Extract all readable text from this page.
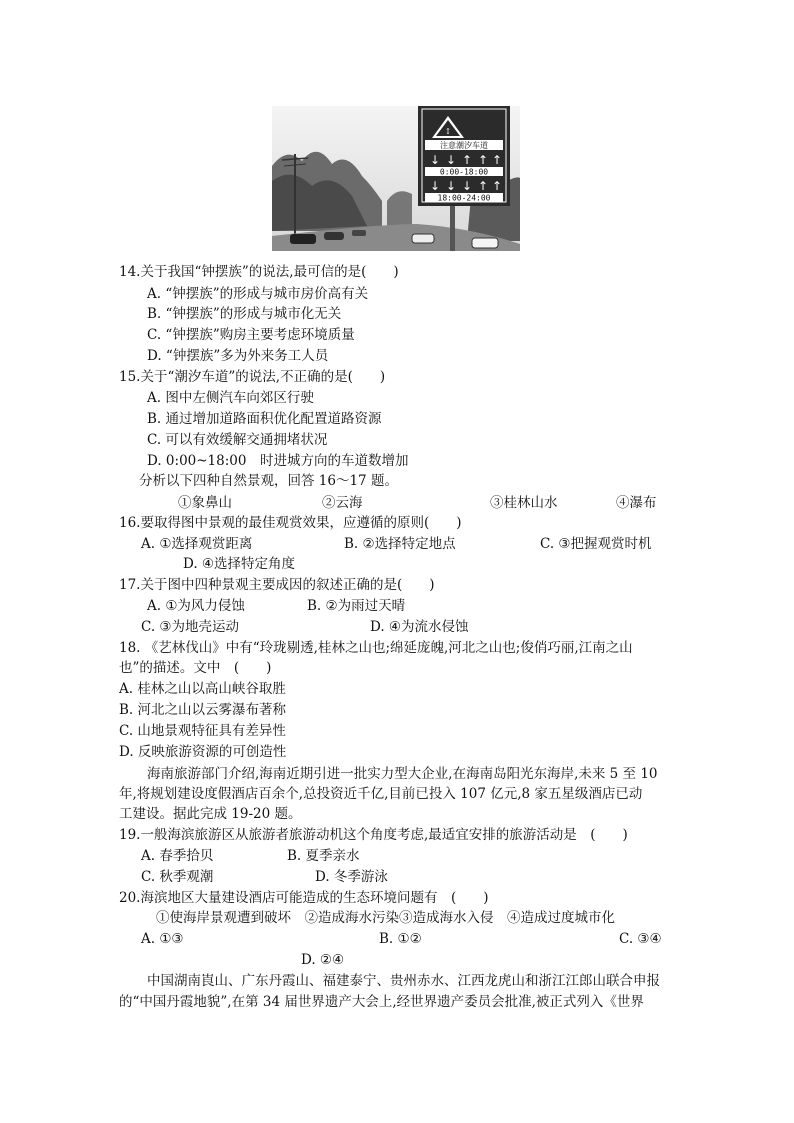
↕
注意潮汐车道
↓ ↓ ↑ ↑ ↑
0:00-18:00
↓ ↓ ↓ ↑ ↑
18:00-24:00
14.关于我国“钟摆族”的说法,最可信的是(　　)
A. “钟摆族”的形成与城市房价高有关
B. “钟摆族”的形成与城市化无关
C. “钟摆族”购房主要考虑环境质量
D. “钟摆族”多为外来务工人员
15.关于“潮汐车道”的说法,不正确的是(　　)
A. 图中左侧汽车向郊区行驶
B. 通过增加道路面积优化配置道路资源
C. 可以有效缓解交通拥堵状况
D. 0:00~18:00　时进城方向的车道数增加
分析以下四种自然景观，回答 16～17 题。
①象鼻山	②云海	③桂林山水	④瀑布
16.要取得图中景观的最佳观赏效果，应遵循的原则(　　)
A. ①选择观赏距离	B. ②选择特定地点	C. ③把握观赏时机
D. ④选择特定角度
17.关于图中四种景观主要成因的叙述正确的是(　　)
A. ①为风力侵蚀	B. ②为雨过天晴
C. ③为地壳运动	D. ④为流水侵蚀
18. 《艺林伐山》中有“玲珑剔透,桂林之山也;绵延庞魄,河北之山也;俊俏巧丽,江南之山
也”的描述。文中　(　　)
A. 桂林之山以高山峡谷取胜
B. 河北之山以云雾瀑布著称
C. 山地景观特征具有差异性
D. 反映旅游资源的可创造性
海南旅游部门介绍,海南近期引进一批实力型大企业,在海南岛阳光东海岸,未来 5 至 10
年,将规划建设度假酒店百余个,总投资近千亿,目前已投入 107 亿元,8 家五星级酒店已动
工建设。据此完成 19-20 题。
19.一般海滨旅游区从旅游者旅游动机这个角度考虑,最适宜安排的旅游活动是　(　　)
A. 春季拾贝	B. 夏季亲水
C. 秋季观潮	D. 冬季游泳
20.海滨地区大量建设酒店可能造成的生态环境问题有　(　　)
①使海岸景观遭到破坏　②造成海水污染③造成海水入侵　④造成过度城市化
A. ①③	B. ①②	C. ③④
D. ②④
中国湖南崀山、广东丹霞山、福建泰宁、贵州赤水、江西龙虎山和浙江江郎山联合申报
的“中国丹霞地貌”,在第 34 届世界遗产大会上,经世界遗产委员会批准,被正式列入《世界
